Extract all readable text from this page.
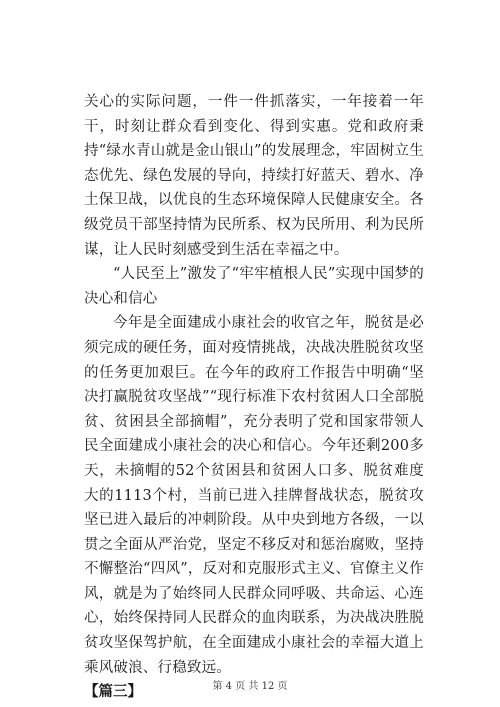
关心的实际问题，一件一件抓落实，一年接着一年干，时刻让群众看到变化、得到实惠。党和政府秉持“绿水青山就是金山银山”的发展理念，牢固树立生态优先、绿色发展的导向，持续打好蓝天、碧水、净土保卫战，以优良的生态环境保障人民健康安全。各级党员干部坚持情为民所系、权为民所用、利为民所谋，让人民时刻感受到生活在幸福之中。

“人民至上”激发了“牢牢植根人民”实现中国梦的决心和信心

今年是全面建成小康社会的收官之年，脱贫是必须完成的硬任务，面对疫情挑战，决战决胜脱贫攻坚的任务更加艰巨。在今年的政府工作报告中明确“坚决打赢脱贫攻坚战”“现行标准下农村贫困人口全部脱贫、贫困县全部摘帽”，充分表明了党和国家带领人民全面建成小康社会的决心和信心。今年还剩200多天，未摘帽的52个贫困县和贫困人口多、脱贫难度大的1113个村，当前已进入挂牌督战状态，脱贫攻坚已进入最后的冲刺阶段。从中央到地方各级，一以贯之全面从严治党，坚定不移反对和惩治腐败，坚持不懈整治“四风”，反对和克服形式主义、官僚主义作风，就是为了始终同人民群众同呼吸、共命运、心连心，始终保持同人民群众的血肉联系，为决战决胜脱贫攻坚保驾护航，在全面建成小康社会的幸福大道上乘风破浪、行稳致远。

【篇三】	第 4 页 共 12 页
